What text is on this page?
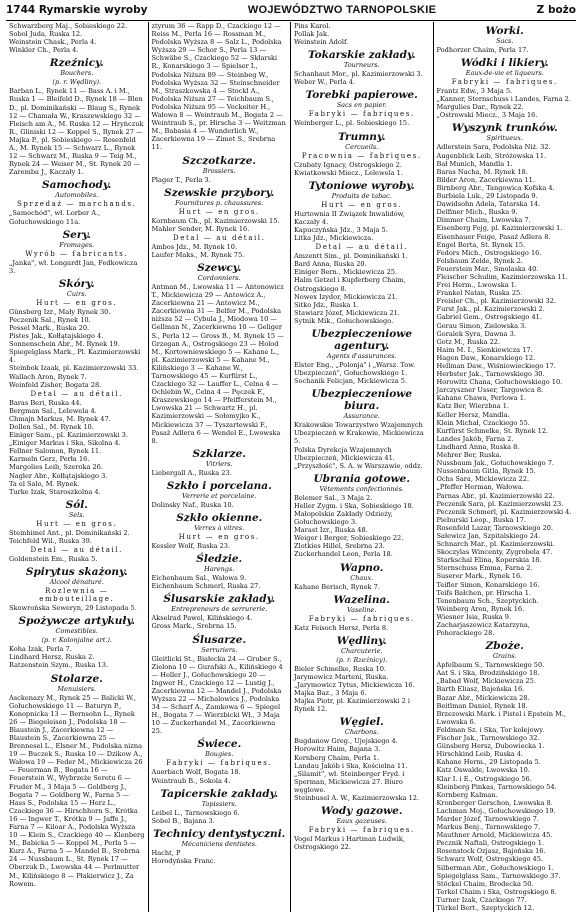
1744 Rymarskie wyroby	WOJEWÓDZTWO TARNOPOLSKIE	Z bożo
Schwarzberg Maj., Sobieskiego 22.
Sobol Juda, Ruska 12.
Weinstein Chask., Perla 4.
Winkler Ch., Perla 4.
Rzeźnicy.
Bouchers.
(p. r. Wędliny).
Barban L., Rynek 11 — Bass A. i M., Ruska 1 — Bleifeld D., Rynek 18 — Blen D., pl. Dominikański — Blaug S., Rynek 12 — Chamała W., Kraszewskiego 32 — Fleisch am A., M. Ruska 12 — Hryńczuk R., Gliniski 12 — Koppel S., Rynek 27 — Majka P., pl. Sobieskiego — Rosenfeld A., M. Rynek 15 — Schwarz L., Rynek 12 — Schwarz M., Ruska 9 — Teig M., Rynek 24 — Weiser M., St. Rynek 20 — Zaremba J., Kaczały 1.
Samochody.
Automobiles.
Sprzedaż — marchands.
„Samochód", wł. Lorber A., Gołuchowskiego 11a.
Sery.
Fromages.
Wyrób — fabricants.
„Janka", wł. Longardt Jan, Fedkowicza 3.
Skóry.
Cuirs.
Hurt — en gros.
Günsberg Izr., Mały Rynek 30.
Peczenik Sal., Rynek 10.
Pessel Mark., Ruska 20.
Pistes Jak., Kołłątajskiego 4.
Sonnenschein Abr., M. Rynek 19.
Spiegelglass Mark., Pl. Kazimierzowski 4.
Steinbok Izaak, pl. Kazimierzowski 33.
Wallach Aron, Rynek 7.
Weinfeld Zisher, Bogata 28.
Detal — au détail.
Baras Beri, Ruska 44.
Bergman Sal., Lelewela 4.
Chmajn Markus, M. Rynek 47.
Dollen Sal., M. Rynek 10.
Einiger Sam., pl. Kazimierzowski 3.
„Einiger Markus i Ska, Sikolna 4.
Fellner Salomon, Rynek 11.
Karmeln Gerz, Perła 16.
Margolies Leib, Szeroka 26.
Nagler Abr., Kołłątajskiego 3.
Ta el Salo, M. Rynek.
Turke Izak, Staroszkolna 4.
Sól.
Sels.
Hurt — en gros.
Steinhimel Ant., pl. Dominikański 2.
Teichfeld Wil., Ruska 39.
Detal — au détail.
Goldenstein Em., Ruska 5.
Spirytus skażony.
Alcool dénaturé.
Rozlewnia — embouteillage.
Skowrońska Seweryn, 29 Listopada 5.
Spożywcze artykuły.
Comestibles.
(p. r. Kolonjalne art.).
Koha Izak, Perla 7.
Lindhard Hersz, Ruska 2.
Ratzenstein Szym., Ruska 13.
Stolarze.
Menuisiers.
Asckenazy M., Rynek 25 — Balicki W., Gołuchowskiego 11 — Baturyn P., Konopnicka 13 — Bernsohn L., Rynek 26 — Biegeleisen J., Podolska 18 — Blaustein J., Zacerkiewna 12 — Blaustein S., Zacerkiewna 25 — Brennesel L., Elsner M., Podolska nizna 19 — Buczek S., Ruska 10 — Dzikow A., Wałowa 19 — Feder M., Mickiewicza 26 — Feuerman B., Bogata 16 — Feuerstein W., Wybrzeże Seretu 6 — Fruder M., 3 Maja 5 — Goldberg J., Bogata 7 — Goldberg W., Farna 5 — Hass S., Podolska 15 — Herz L., Czackiego 36 — Hirschhorn S., Krótka 16 — Ingwer T., Krótka 9 — Jaffe J., Farna 7 — Kiloar A., Podolska Wyższa 10 — Klein S., Czackiego 40 — Klenberg M., Babicka 5 — Koppel M., Perla 5 — Kurz A., Farna 5 — Mandel B., Srebrna 24 — Nussbaum Ł., St. Rynek 17 — Oberzuk D., Lwowska 44 — Perlmutter M., Kilińskiego 8 — Płakierwicz J., Za Rowem.
ztyrum 36 — Rapp D., Czackiego 12 — Reiss M., Perla 16 — Rossman M., Podolska Wyższa 8 — Salz L., Podolska Wyższa 29 — Schor S., Perla 13 — Schwäbe S., Czackiego 52 — Skłarski R., Konarskiego 3 — Spielser I., Podolska Niższa 89 — Steinbeg W., Podolska Wyższa 32 — Steinschneider M., Straszkowska 4 — Stockl A., Podolska Niższa 27 — Teichbaum S., Podolska Niższa 95 — Veckeiter H., Wałowa 8 — Weintraub M., Bogata 2 — Weintraub S., pr. Hirscha 3 — Weitzman M., Babasia 4 — Wunderlich W., Zacerkiewna 19 — Zimet S., Srebrna 11.
Szczotkarze.
Brossiers.
Plager T., Perla 3.
Szewskie przybory.
Fournitures p. chaussures.
Hurt — en gros.
Kornbaum Ch., pl. Kazimierzowski 15.
Mahler Sender, M. Rynek 16.
Detal — au détail.
Ambos Jdz., M. Rynek 10.
Laufer Maks., M. Rynek 75.
Szewcy.
Cordonniers.
Antman M., Lwowska 11 — Antonowicz T., Mickiewicza 29 — Antowicz A., Zacerkiewna 21 — Antowicz M., Zacerkiewna 31 — Belfer M., Podolska niższa 52 — Cybula J., Miodowa 10 — Gellman N., Zacerkiewna 10 — Geliger S., Perla 12 — Gross B., M. Rynek 15 — Grzegan A., Ostrogskiego 23 — Holod M., Kortowniewskiego 5 — Kahane L., pl. Kazimierzowski 5 — Kahane M., Kilińskiego 3 — Kahane W., Tarnowskiego 45 — Kurfürst L., Czackiego 32 — Lauffer L., Celna 4 — Ochlebin W., Celna 4 — Pęczek F., Kraszewskiego 14 — Pfeifferstein M., Lwowska 21 — Schwartz H., pl. Kazimierzowski — Sołomyjko K., Mickiewicza 37 — Tyszartewski F., Pasaż Adlera 6 — Wendel E., Lwowska 8.
Szklarze.
Vitriers.
Liebergall A., Ruska 23.
Szkło i porcelana.
Verrerie et porcelaine.
Dolinsky Naf., Ruska 10.
Szkło okienne.
Verres à vitres.
Hurt — en gros.
Kessler Wolf, Ruska 23.
Śledzie.
Harengs.
Eichenbaum Sal., Wałowa 9.
Eichenbaum Schmerl, Ruska 27.
Ślusarskie zakłady.
Entrepreneurs de serrurerie.
Akselrad Pawel, Kilińskiego 4.
Gross Mark., Srebrna 15.
Ślusarze.
Serruriers.
Gleitlicki St., Białecka 24 — Gruber S., Zielona 10 — Gurafski A., Kilińskiego 4 — Heller J., Gołuchowskiego 20 — Ingwer H., Czackiego 12 — Lustig J., Zacerkiewna 12 — Mandel J., Podolska Wyższa 22 — Michalowics J., Podolska 34 — Scharf A., Zamkowa 6 — Spiegel H., Bogata 7 — Wierzbicki Wł., 3 Maja 10 — Zuckerhandel M., Zacerkiewna 25.
Świece.
Bougies.
Fabryki — fabriques.
Auerbach Wolf, Bogata 18.
Weintraub B., Sokola 4.
Tapicerskie zakłady.
Tapissiers.
Leibel L., Tarnowskiego 6.
Sobel B., Bajana 3.
Technicy dentystyczni.
Mécaniciens dentistes.
Hacht, P
Horodyńska Franc.
Pins Karol.
Pollak Jak.
Weinstein Adolf.
Tokarskie zakłady.
Tourneurs.
Schanhaut Mor., pl. Kazimierzowski 3.
Weber W., Perla 4.
Torebki papierowe.
Sacs en papier.
Fabryki — fabriques.
Weinberger L., pl. Sobieskiego 15.
Trumny.
Cercueils.
Pracownia — fabriques.
Czubaty Ignacy, Ostrogskiego 2.
Kwiatkowski Miecz., Lelewela 1.
Tytoniowe wyroby.
Produits de tabac.
Hurt — en gros.
Hurtownia II Związek Inwalidów, Kaczały 4.
Kapuczyńska Jdz., 3 Maja 5.
Litka Jdz., Mickiewicza.
Detal — au détail.
Amzentt Sim., pl. Dominikański 1.
Bard Anna, Ruska 20.
Einiger Bern., Mickiewicza 25.
Halm Getzel i Kupferberg Chaim, Ostrogskiego 8.
Nowex Izydor, Mickiewicza 21.
Sitko Jdz., Ruska 1.
Stawiarz Józef, Mickiewicza 21.
Sytnik Mik., Gołuchowskiego.
Ubezpieczeniowe agentury.
Agents d'assurances.
Elster Eng., „Polonja" i „Warsz. Tow. Ubezpieczeń", Gołuchowskiego 1.
Sochanik Felicjan, Mickiewicza 5.
Ubezpieczeniowe biura.
Assurance.
Krakowskie Towarzystwo Wzajemnych Ubezpieczeń w Krakowie, Mickiewicza 5.
Polska Dyrekcja Wzajemnych Ubezpieczeń, Mickiewicza 41.
„Przyszłość", S. A. w Warszawie, oddz.
Ubrania gotowe.
Vêtements confectionnés.
Belemer Sal., 3 Maja 2.
Heller Zygm. i Ska, Sobieskiego 18.
Małopolskie Zakłady Odzieży, Gołuchowskiego 3.
Marast Izr., Ruska 48.
Weiger i Berger, Sobieskiego 22.
Zlotkies Hillel, Srebrna 23.
Zuckerhandel Leon, Perla 18.
Wapno.
Chaux.
Kahane Berisch, Rynek 7.
Wazelina.
Vaseline.
Fabryki — fabriques.
Katz Feisoch Hersz, Perla 8.
Wędliny.
Charcuterie.
(p. r. Rzeźnicy).
Bieler Schmelke, Ruska 10.
Jarymowicz Marteni, Ruska.
„Jarymowicz Tytus, Mickiewicza 16.
Majka Baz., 3 Maja 6.
Majka Piotr, pl. Kazimierzowski 2 i Rynek 12.
Węgiel.
Charbons.
Bugdanow Greg., Ujejskiego 4.
Horowitz Haim, Bajana 3.
Kornberg Chaim, Perla 1.
Landau Jakób i Ska, Kościelna 11.
„Silamit", wł. Steinberger Fryd. i Sperman, Mickiewicza 27. Biuro węglowe.
Steinbusel A. W., Kazimierzowska 12.
Wody gazowe.
Eaux gazeuses.
Fabryki — fabriques.
Vogel Markus i Hartman Ludwik, Ostrogskiego 22.
Worki.
Sacs.
Podhorzer Chaim, Perla 17.
Wódki i likiery.
Eaux-de-vie et liqueurs.
Fabryki — fabriques.
Frantz Edw., 3 Maja 5.
„Kanner, Sternschuss i Landes, Farna 2.
Margulies Dar., Rynek 22.
„Ostrowski Miecz., 3 Maja 16.
Wyszynk trunków.
Spiritueux.
Adlerstein Sara, Podolska Niż. 32.
Augenblick Leib, Stróżowska 11.
Bał Munich, Mandla 1.
Baras Nacha, M. Rynek 18.
Bilder Aron, Zacerkiewna 11.
Birnberg Abr., Tangowica Kofska 4.
Burbiela Luk., 29 Listopada 9.
Dawidsohn Adela, Tatarska 14.
Delfiner Mich., Ruska 9.
Dimmer Chaim, Lwowska 7.
Eisenberg Fejg, pl. Kazimierzowski 1.
Eisenhauer Feige, Pasaż Adlera 8.
Engel Berta, St. Rynek 15.
Fedors Mich., Ostrogskiego 16.
Felsbaum Zelde, Rynek 2.
Feuerstein Mar., Smolaska 40.
Fleischer Schulim, Kazimierzowska 11.
Frei Herm., Lwowska 1.
Frankel Natan, Ruska 25.
Freisler Ch., pl. Kazimierzowski 32.
Furst Jak., pl. Kazimierzowski 2.
Gabriel Gem., Ostrogskiego 41.
Gerau Simon, Zielowska 3.
Goralek Syra, Dawna 3.
Gotz M., Ruska 22.
Haim M. I., Sienkiewicza 17.
Hagen Daw., Konarskiego 12.
Hellman Daw., Wiśniowieckiego 17.
Herbster Jak., Tarnowskiego 30.
Horowitz Chana, Gołuchowskiego 10.
Jarczyszner Usser, Targowica 8.
Kahane Chawa, Perlowa 1.
Katz Ber, Wierzbna 1.
Keller Hersz, Mandla.
Klein Michał, Czackiego 55.
Kurfürst Schmelke, St. Rynek 12.
Landes Jakób, Farna 2.
Lindhard Anna, Ruska 8.
Mehrer Ber, Ruska.
Nussbaum Jak., Gołuchowskiego 7.
Nussenbaum Gitla, Rynek 15.
Ochs Sara, Mickiewicza 22.
„Pfeffer Herman, Wałowa.
Parnas Abr., pl. Kazimierzowski 22.
Peczenik Sara, pl. Kazimierzowski 23.
Peczenik Schmerl, pl. Kazimierzowski 4.
Pieburski Leop., Ruska 17.
Rosenfeld Lazar, Tarnowskiego 20.
Sałewicz Jan, Szpitalskiego 24.
Schnarch Mar., pl. Kazimierzowski.
Skoczylas Wincenty, Zygrobela 47.
Starkschal Elina, Koperskia 18.
Sternschuss Emma, Farna 2.
Suserer Mark., Rynek 16.
Teifler Simon, Konarskiego 16.
Teifs Bałchen, pr. Hirscha 1.
Tenenbaum Sch., Szeptyckich.
Weinberg Aron, Rynek 16.
Wiesner Isia, Ruska 9.
Zacharjaszewicz Katarzyna, Pohorackiego 28.
Zboże.
Grains.
Apfelbaum S., Tarnowskiego 50.
Aat S. i Ska, Brodzińskiego 18.
„Babad Wolf, Mickiewicza 25.
Barth Eliasz, Bajeńska 16.
Bazar Abr., Mickiewicza 28.
Beitlman Daniel, Rynek 18.
Brzezowski Mark. i Pistel i Epstein M., Lwowska 6.
Feldman Sz. i Ska, Tor kolejowy.
Fischer Jak., Tarnowskiego 32.
Günsberg Hersz, Dubowiecka 1.
Hirschkind Leib, Ruska 4.
Kahane Herm., 29 Listopada 5.
Katz Oswalde, Lwowska 10.
Klar I. i E., Ostrogskiego 56.
Kleinberg Pinkas, Tarnowskiego 54.
Kornberg Kalman.
Kronberger Gerschon, Lwowska 8.
Lachman Moj., Gołuchowskiego 19.
Marder Józef, Tarnowskiego 7.
Markus Benj., Tarnowskiego 7.
Mauthner Arnold, Mickiewicza 45.
Pecznik Naftali, Ostrogskiego 1.
Rosenstock Ozjasz, Bajońska 16.
Schwarz Wolf, Ostrogskiego 45.
Silberman Abr., Gołuchowskiego 1.
Spiegelglass Sam., Tarnowskiego 37.
Stöckel Chaim, Brodecka 50.
Terkel Chaim i Ska, Ostrogskiego 8.
Turner Izak, Czackiego 77.
Türkel Bert., Szeptyckich 12.
